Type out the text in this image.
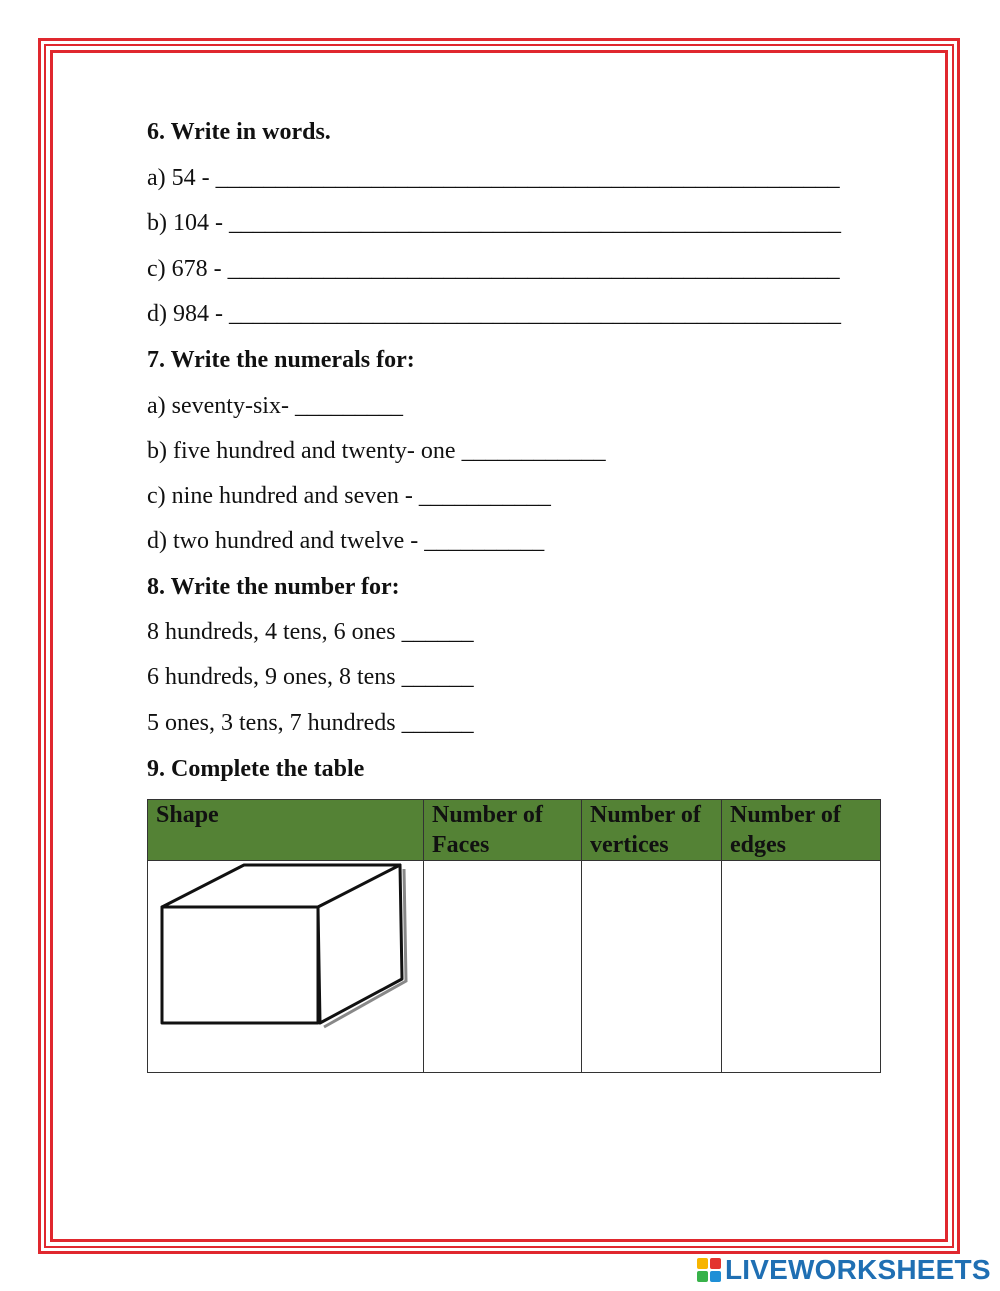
6. Write in words.
a) 54 - ____________________________________________________
b) 104 - ___________________________________________________
c) 678 - ___________________________________________________
d) 984 - ___________________________________________________
7. Write the numerals for:
a) seventy-six- _________
b) five hundred and twenty- one ____________
c) nine hundred and seven - ___________
d) two hundred and twelve - __________
8. Write the number for:
8 hundreds, 4 tens, 6 ones ______
6 hundreds, 9 ones, 8 tens ______
5 ones, 3 tens, 7 hundreds ______
9. Complete the table
Shape	Number of Faces	Number of vertices	Number of edges

LIVEWORKSHEETS
